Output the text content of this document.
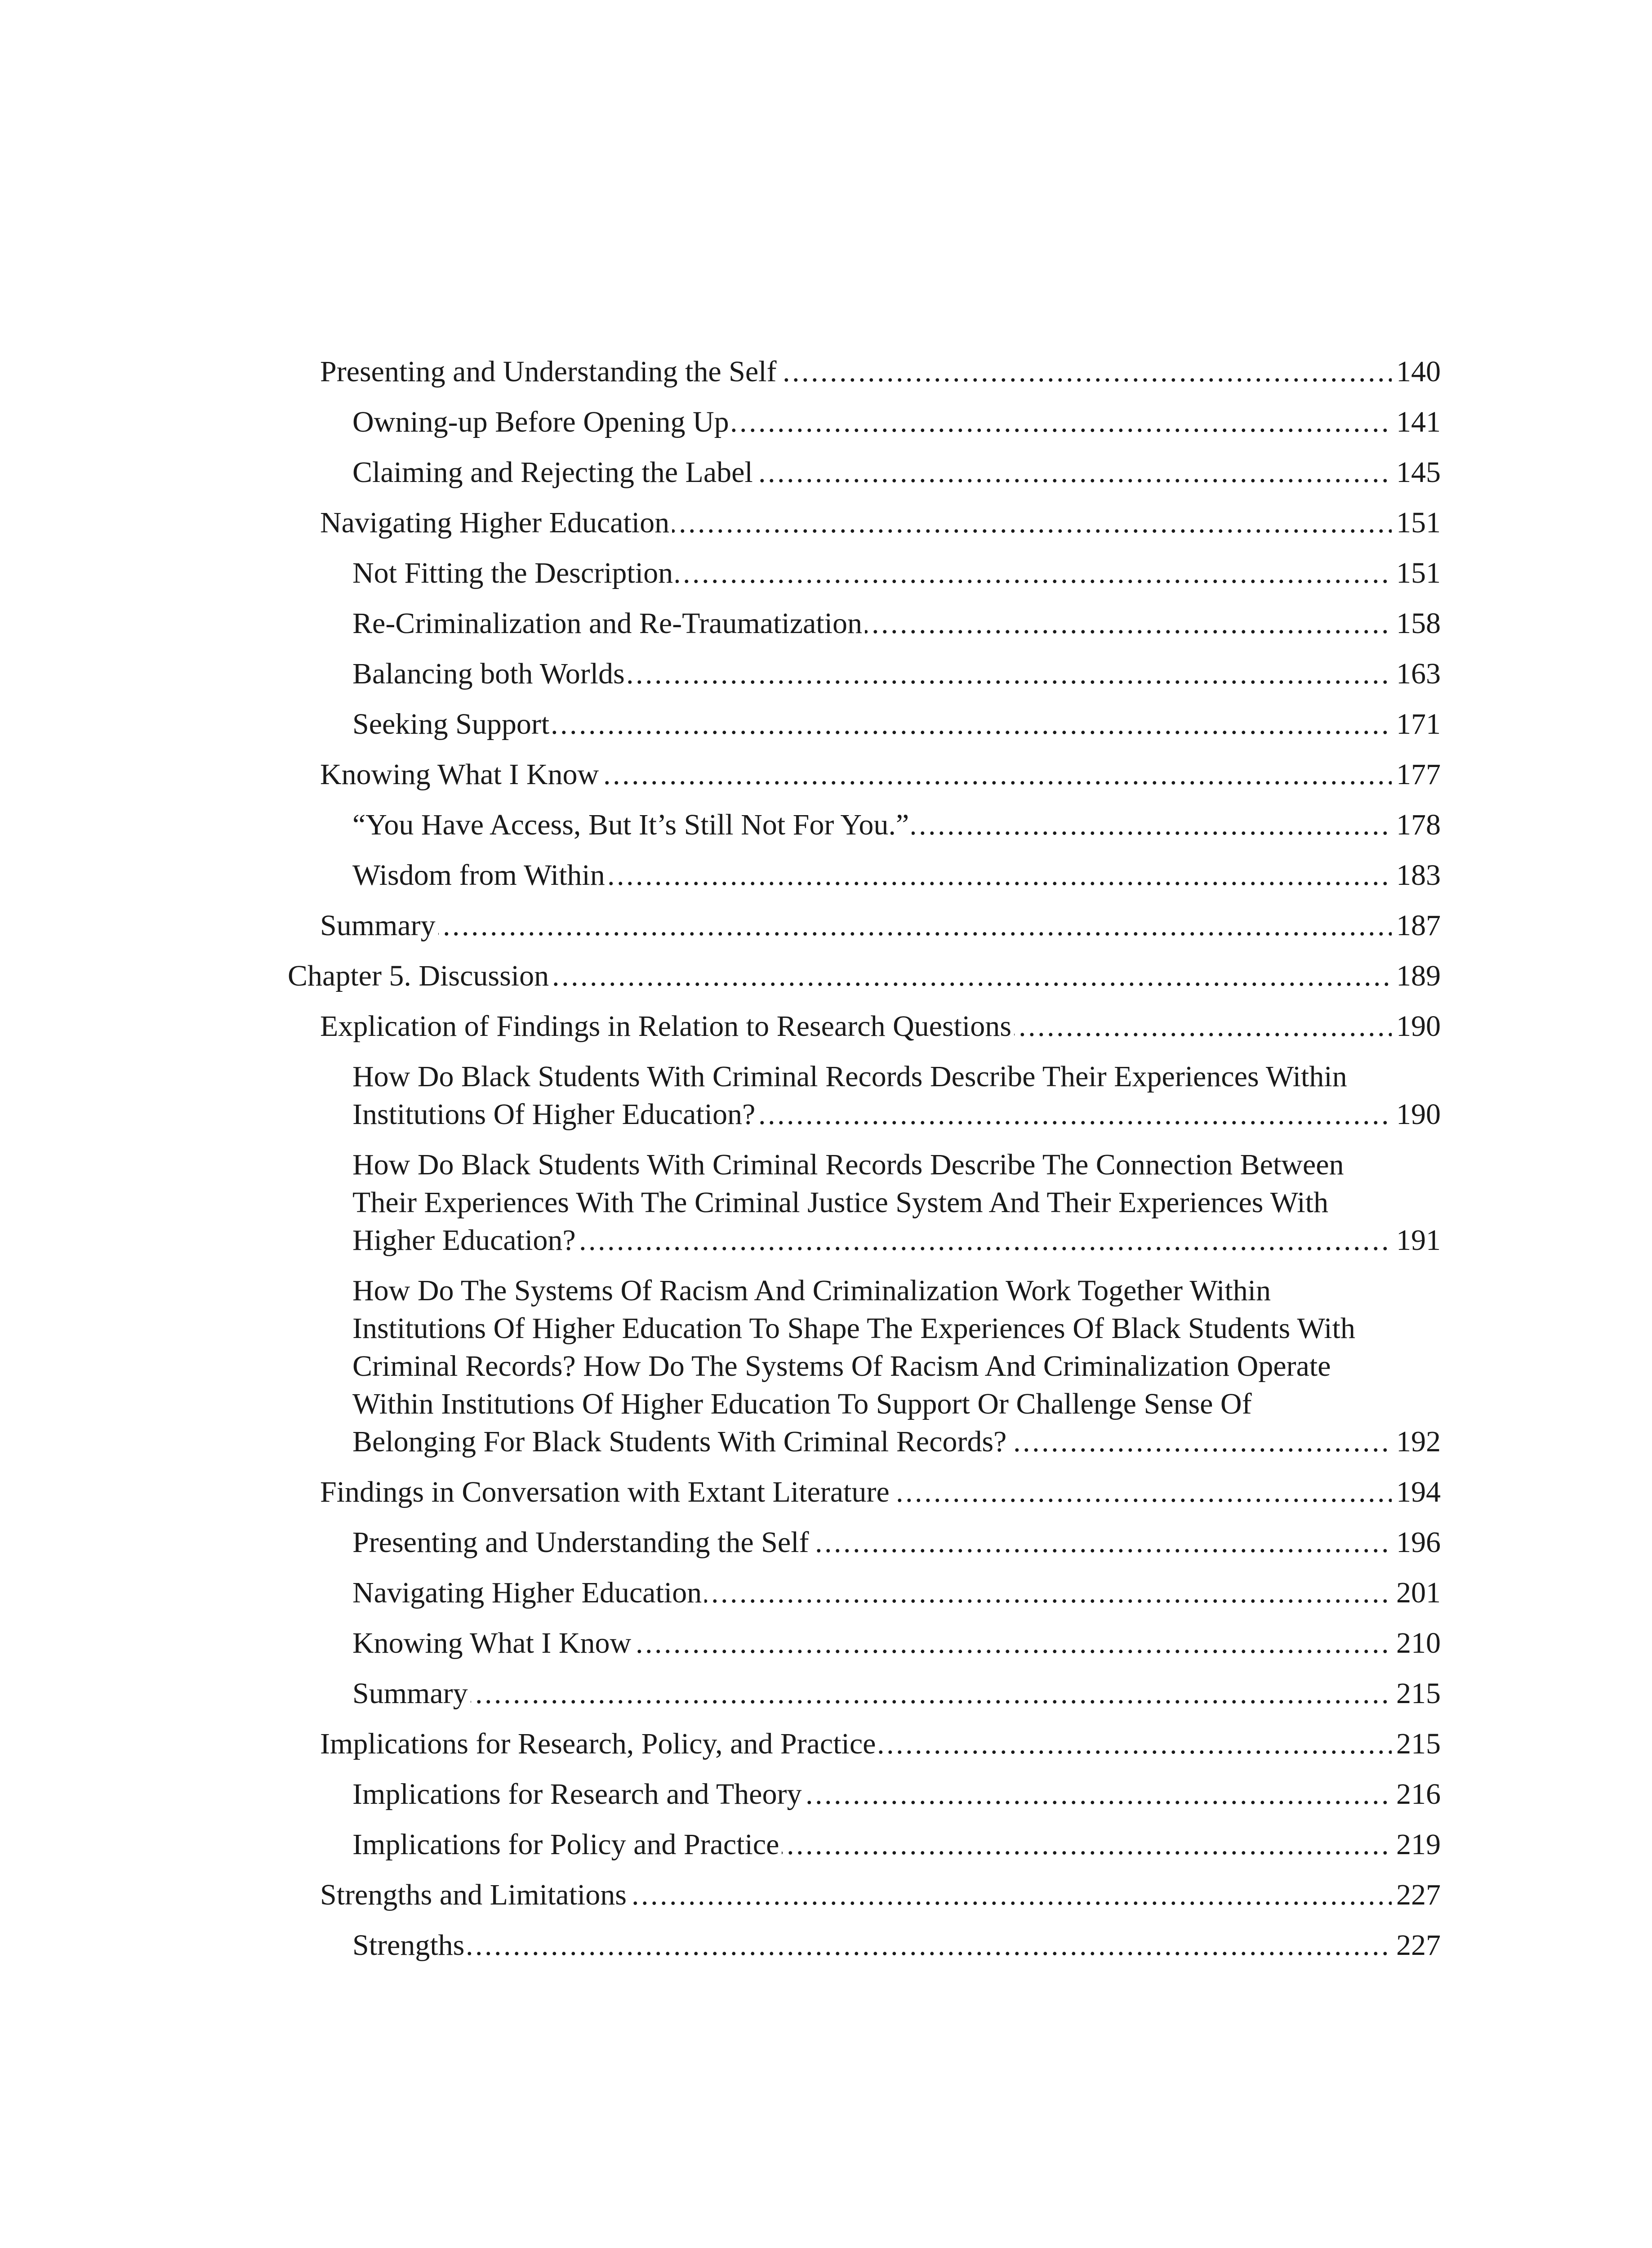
Presenting and Understanding the Self . . .	140
Owning-up Before Opening Up . . .	141
Claiming and Rejecting the Label . . .	145
Navigating Higher Education . . .	151
Not Fitting the Description . . .	151
Re-Criminalization and Re-Traumatization . . .	158
Balancing both Worlds . . .	163
Seeking Support . . .	171
Knowing What I Know . . .	177
“You Have Access, But It’s Still Not For You.” . . .	178
Wisdom from Within . . .	183
Summary . . .	187
Chapter 5. Discussion . . .	189
Explication of Findings in Relation to Research Questions . . .	190
How Do Black Students With Criminal Records Describe Their Experiences Within
Institutions Of Higher Education? . . .	190
How Do Black Students With Criminal Records Describe The Connection Between
Their Experiences With The Criminal Justice System And Their Experiences With
Higher Education? . . .	191
How Do The Systems Of Racism And Criminalization Work Together Within
Institutions Of Higher Education To Shape The Experiences Of Black Students With
Criminal Records? How Do The Systems Of Racism And Criminalization Operate
Within Institutions Of Higher Education To Support Or Challenge Sense Of
Belonging For Black Students With Criminal Records? . . .	192
Findings in Conversation with Extant Literature . . .	194
Presenting and Understanding the Self . . .	196
Navigating Higher Education . . .	201
Knowing What I Know . . .	210
Summary . . .	215
Implications for Research, Policy, and Practice . . .	215
Implications for Research and Theory . . .	216
Implications for Policy and Practice . . .	219
Strengths and Limitations . . .	227
Strengths . . .	227
